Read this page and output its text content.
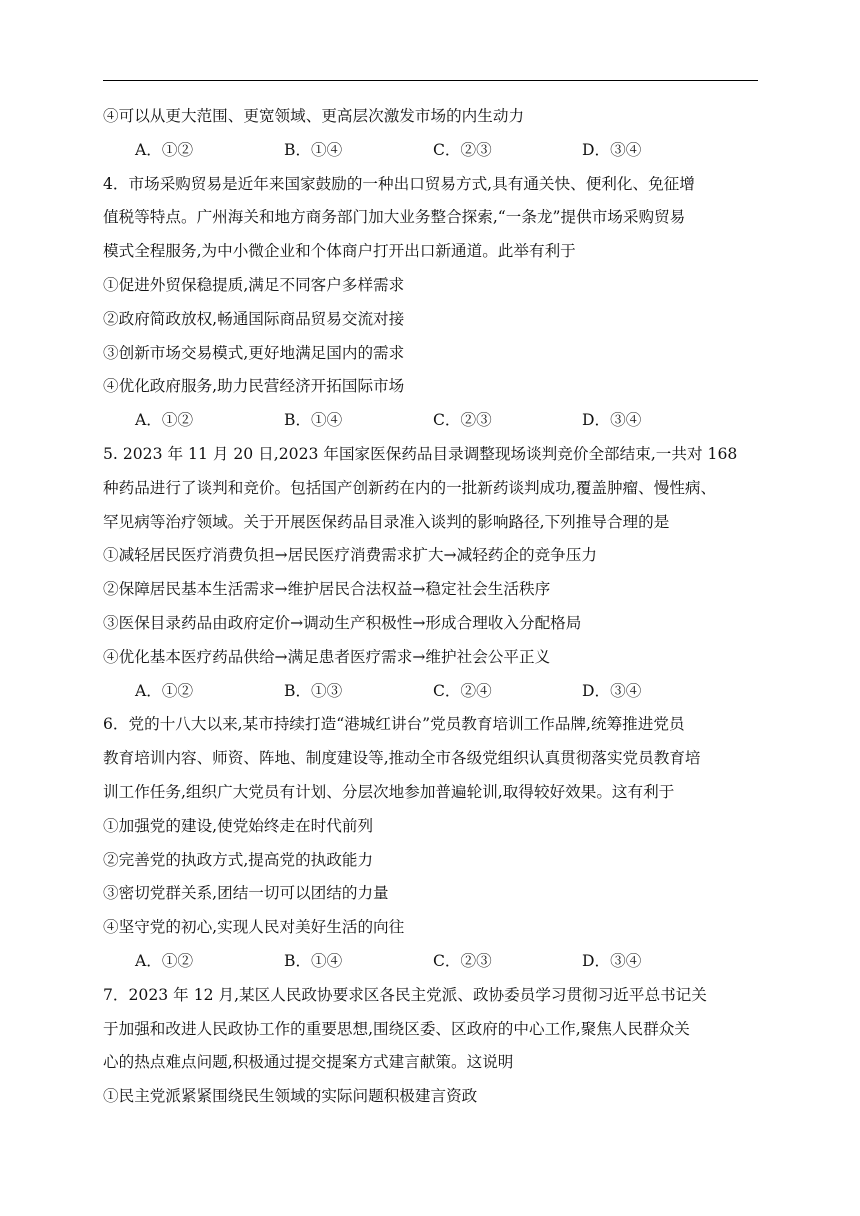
④可以从更大范围、更宽领域、更高层次激发市场的内生动力
A．①②	B．①④	C．②③	D．③④
4．市场采购贸易是近年来国家鼓励的一种出口贸易方式,具有通关快、便利化、免征增
值税等特点。广州海关和地方商务部门加大业务整合探索,“一条龙”提供市场采购贸易
模式全程服务,为中小微企业和个体商户打开出口新通道。此举有利于
①促进外贸保稳提质,满足不同客户多样需求
②政府简政放权,畅通国际商品贸易交流对接
③创新市场交易模式,更好地满足国内的需求
④优化政府服务,助力民营经济开拓国际市场
A．①②	B．①④	C．②③	D．③④
5. 2023 年 11 月 20 日,2023 年国家医保药品目录调整现场谈判竞价全部结束,一共对 168
种药品进行了谈判和竞价。包括国产创新药在内的一批新药谈判成功,覆盖肿瘤、慢性病、
罕见病等治疗领域。关于开展医保药品目录准入谈判的影响路径,下列推导合理的是
①减轻居民医疗消费负担→居民医疗消费需求扩大→减轻药企的竞争压力
②保障居民基本生活需求→维护居民合法权益→稳定社会生活秩序
③医保目录药品由政府定价→调动生产积极性→形成合理收入分配格局
④优化基本医疗药品供给→满足患者医疗需求→维护社会公平正义
A．①②	B．①③	C．②④	D．③④
6．党的十八大以来,某市持续打造“港城红讲台”党员教育培训工作品牌,统筹推进党员
教育培训内容、师资、阵地、制度建设等,推动全市各级党组织认真贯彻落实党员教育培
训工作任务,组织广大党员有计划、分层次地参加普遍轮训,取得较好效果。这有利于
①加强党的建设,使党始终走在时代前列
②完善党的执政方式,提高党的执政能力
③密切党群关系,团结一切可以团结的力量
④坚守党的初心,实现人民对美好生活的向往
A．①②	B．①④	C．②③	D．③④
7．2023 年 12 月,某区人民政协要求区各民主党派、政协委员学习贯彻习近平总书记关
于加强和改进人民政协工作的重要思想,围绕区委、区政府的中心工作,聚焦人民群众关
心的热点难点问题,积极通过提交提案方式建言献策。这说明
①民主党派紧紧围绕民生领域的实际问题积极建言资政
